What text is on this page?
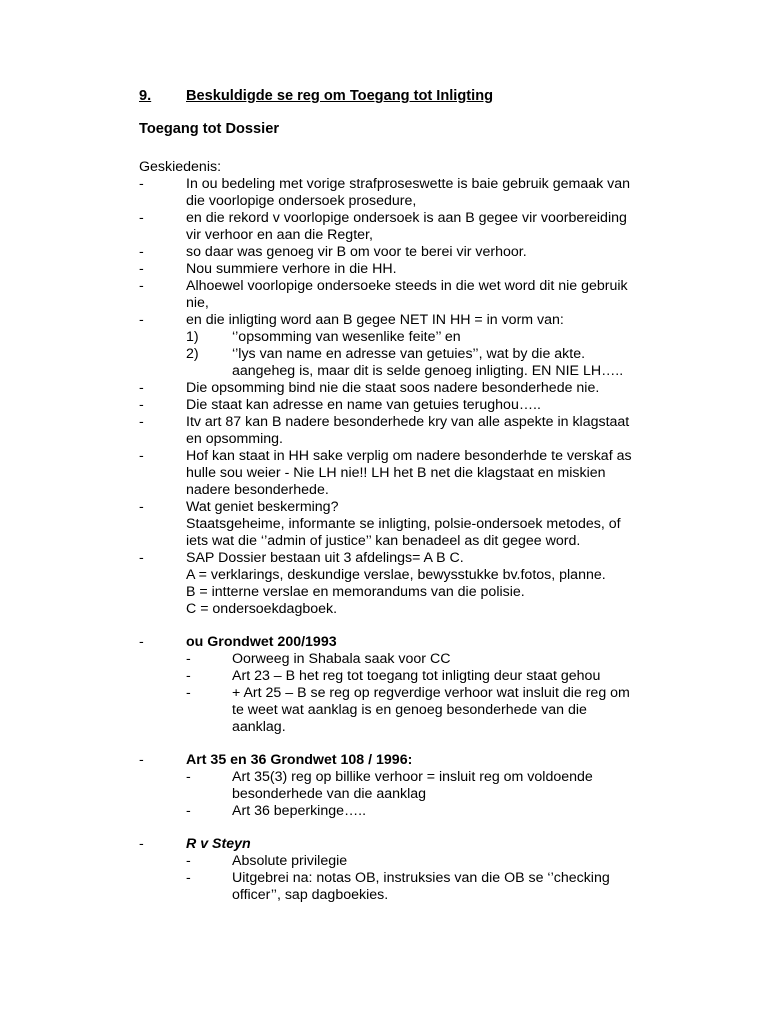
9. Beskuldigde se reg om Toegang tot Inligting
Toegang tot Dossier
Geskiedenis:
-	In ou bedeling met vorige strafproseswette is baie gebruik gemaak van
die voorlopige ondersoek prosedure,
-	en die rekord v voorlopige ondersoek is aan B gegee vir voorbereiding
vir verhoor en aan die Regter,
-	so daar was genoeg vir B om voor te berei vir verhoor.
-	Nou summiere verhore in die HH.
-	Alhoewel voorlopige ondersoeke steeds in die wet word dit nie gebruik
nie,
-	en die inligting word aan B gegee NET IN HH = in vorm van:
1) ‘’opsomming van wesenlike feite’’ en
2) ‘’lys van name en adresse van getuies’’, wat by die akte.
aangeheg is, maar dit is selde genoeg inligting. EN NIE LH…..
-	Die opsomming bind nie die staat soos nadere besonderhede nie.
-	Die staat kan adresse en name van getuies terughou…..
-	Itv art 87 kan B nadere besonderhede kry van alle aspekte in klagstaat
en opsomming.
-	Hof kan staat in HH sake verplig om nadere besonderhde te verskaf as
hulle sou weier - Nie LH nie!! LH het B net die klagstaat en miskien
nadere besonderhede.
-	Wat geniet beskerming?
Staatsgeheime, informante se inligting, polsie-ondersoek metodes, of
iets wat die ‘’admin of justice’’ kan benadeel as dit gegee word.
-	SAP Dossier bestaan uit 3 afdelings= A B C.
A = verklarings, deskundige verslae, bewysstukke bv.fotos, planne.
B = intterne verslae en memorandums van die polisie.
C = ondersoekdagboek.
-	ou Grondwet 200/1993
-	Oorweeg in Shabala saak voor CC
-	Art 23 – B het reg tot toegang tot inligting deur staat gehou
-	+ Art 25 – B se reg op regverdige verhoor wat insluit die reg om
te weet wat aanklag is en genoeg besonderhede van die
aanklag.
-	Art 35 en 36 Grondwet 108 / 1996:
-	Art 35(3) reg op billike verhoor = insluit reg om voldoende
besonderhede van die aanklag
-	Art 36 beperkinge…..
-	R v Steyn
-	Absolute privilegie
-	Uitgebrei na: notas OB, instruksies van die OB se ‘’checking
officer’’, sap dagboekies.
